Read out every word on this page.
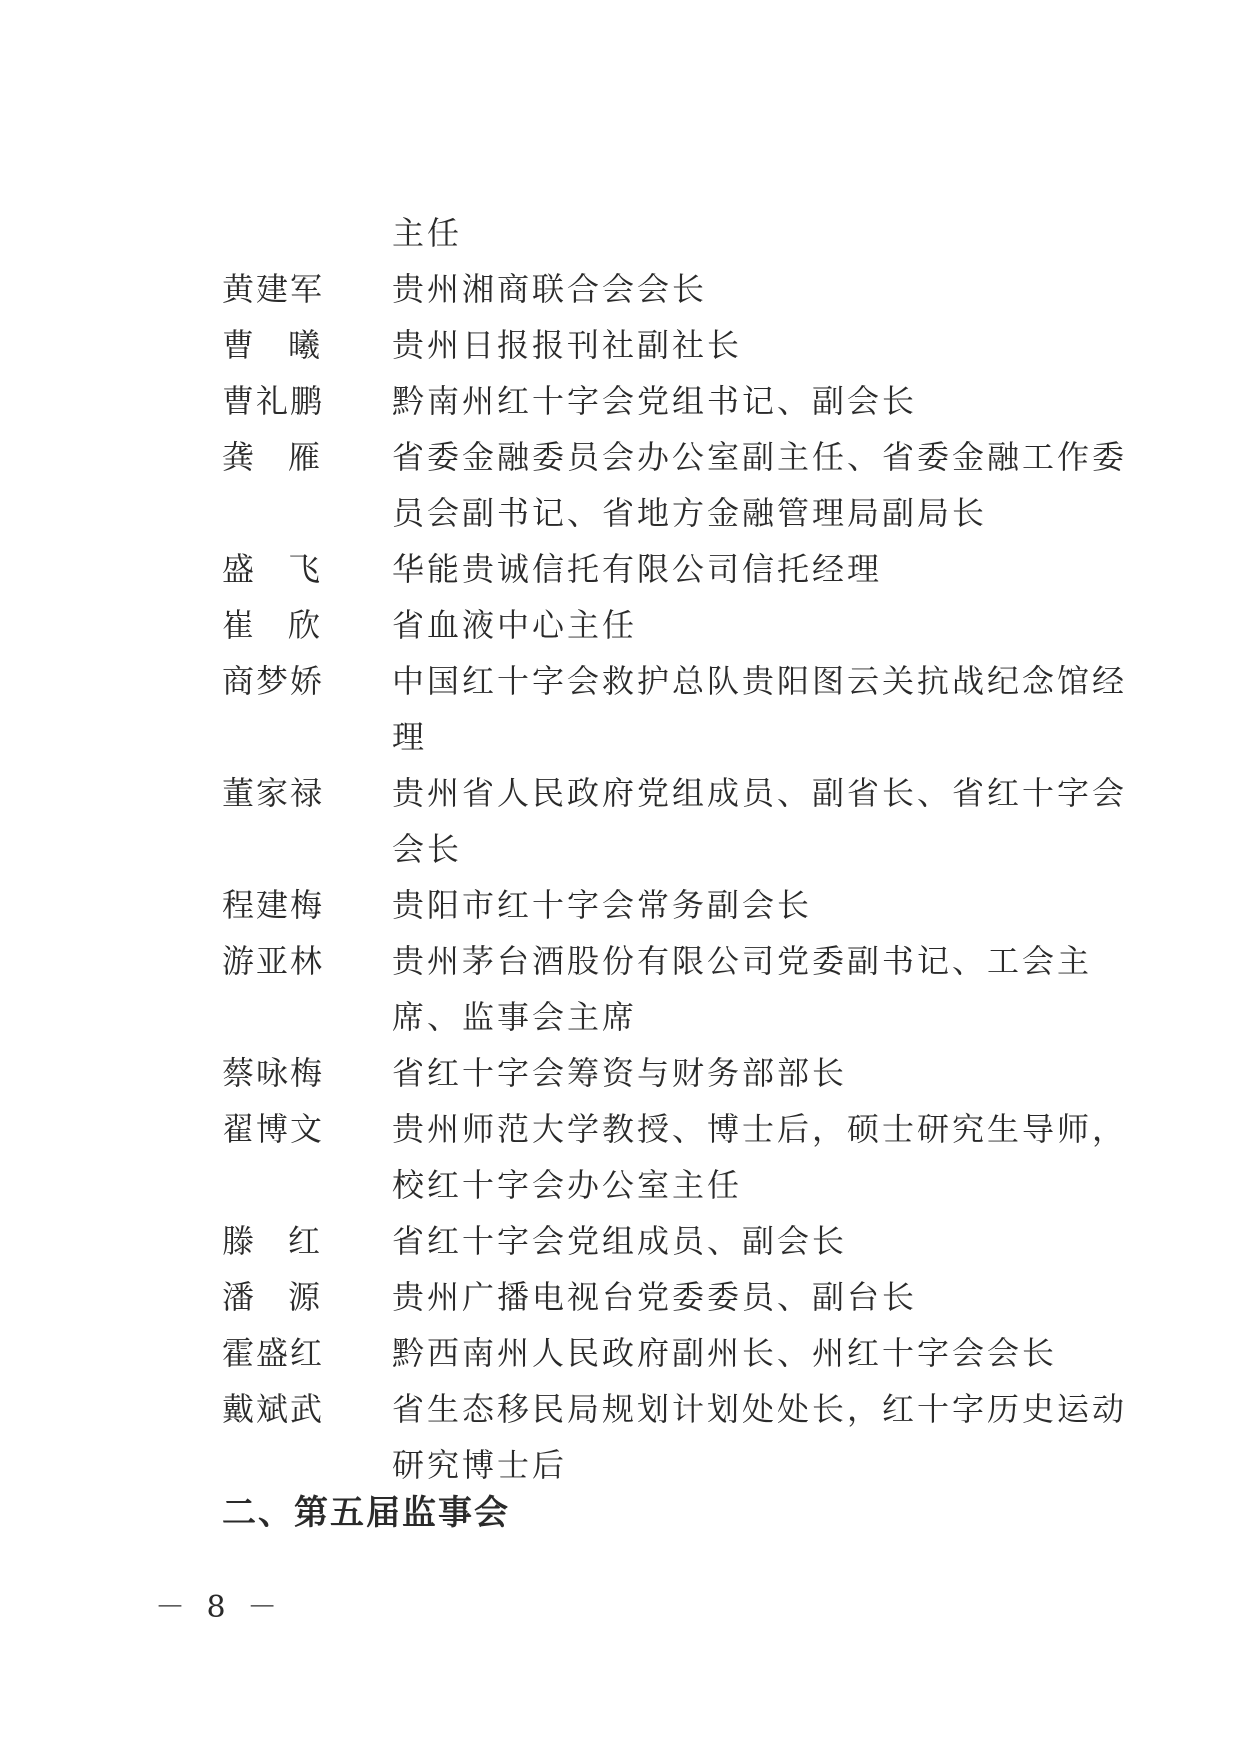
主任
黄建军	贵州湘商联合会会长
曹曦	贵州日报报刊社副社长
曹礼鹏	黔南州红十字会党组书记、副会长
龚雁	省委金融委员会办公室副主任、省委金融工作委员会副书记、省地方金融管理局副局长
盛飞	华能贵诚信托有限公司信托经理
崔欣	省血液中心主任
商梦娇	中国红十字会救护总队贵阳图云关抗战纪念馆经理
董家禄	贵州省人民政府党组成员、副省长、省红十字会会长
程建梅	贵阳市红十字会常务副会长
游亚林	贵州茅台酒股份有限公司党委副书记、工会主席、监事会主席
蔡咏梅	省红十字会筹资与财务部部长
翟博文	贵州师范大学教授、博士后，硕士研究生导师，校红十字会办公室主任
滕红	省红十字会党组成员、副会长
潘源	贵州广播电视台党委委员、副台长
霍盛红	黔西南州人民政府副州长、州红十字会会长
戴斌武	省生态移民局规划计划处处长，红十字历史运动研究博士后
二、第五届监事会
－ 8 －
